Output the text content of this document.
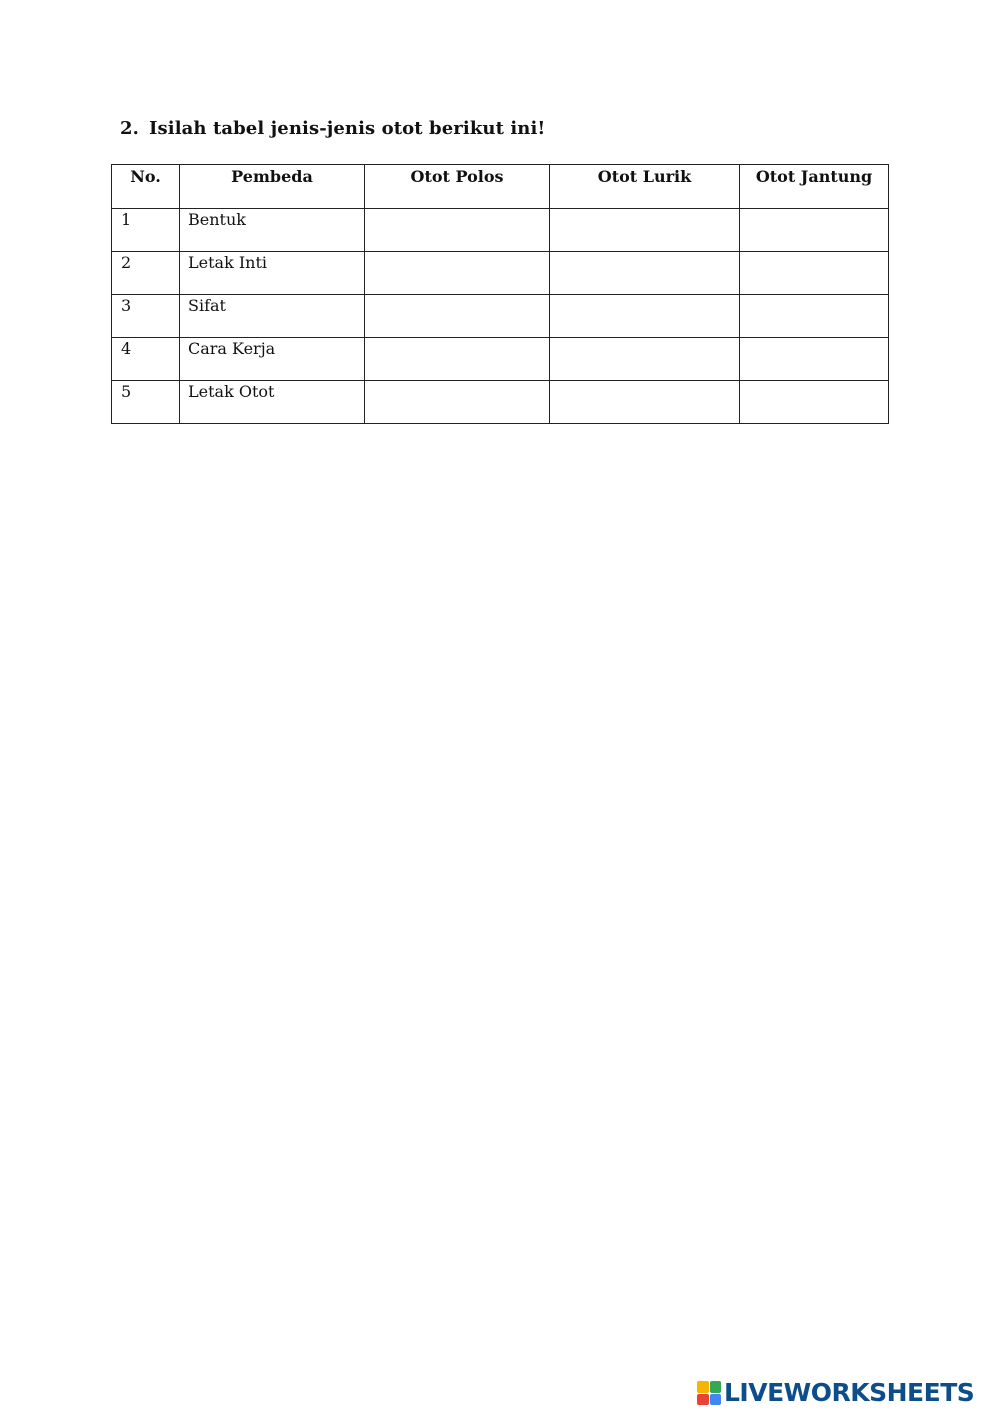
2. Isilah tabel jenis-jenis otot berikut ini!
No.	Pembeda	Otot Polos	Otot Lurik	Otot Jantung
1	Bentuk			
2	Letak Inti			
3	Sifat			
4	Cara Kerja			
5	Letak Otot			
LIVEWORKSHEETS
